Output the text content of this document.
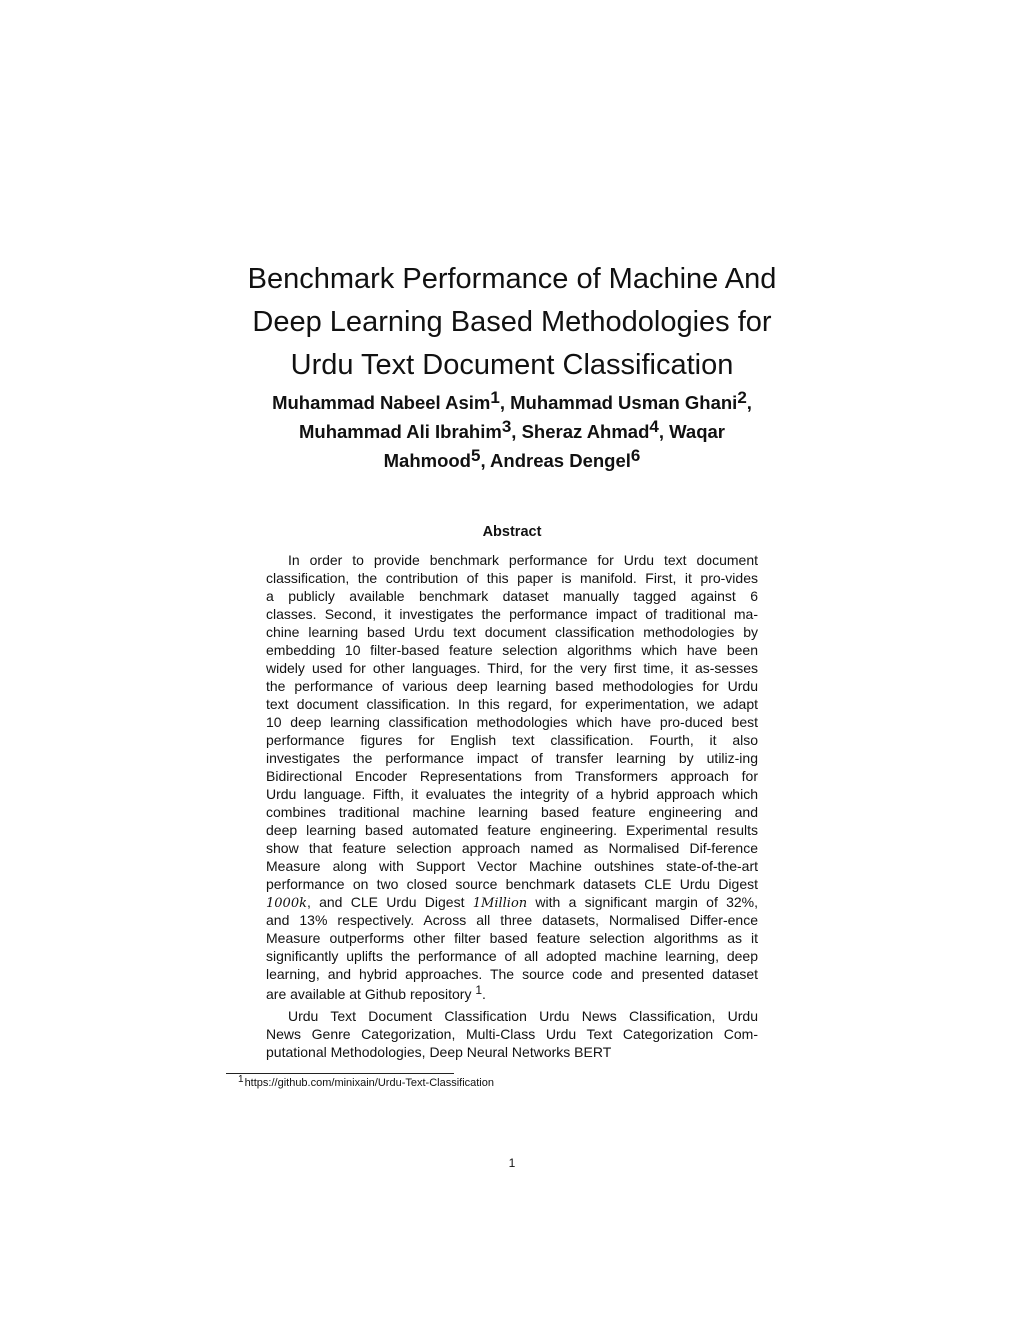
Benchmark Performance of Machine And
Deep Learning Based Methodologies for
Urdu Text Document Classification
Muhammad Nabeel Asim$^1$, Muhammad Usman Ghani$^2$,
Muhammad Ali Ibrahim$^3$, Sheraz Ahmad$^4$, Waqar
Mahmood$^5$, Andreas Dengel$^6$
Abstract
In order to provide benchmark performance for Urdu text document
classification, the contribution of this paper is manifold. First, it pro-vides
a publicly available benchmark dataset manually tagged against 6
classes. Second, it investigates the performance impact of traditional ma-
chine learning based Urdu text document classification methodologies by
embedding 10 filter-based feature selection algorithms which have been
widely used for other languages. Third, for the very first time, it as-sesses
the performance of various deep learning based methodologies for Urdu
text document classification. In this regard, for experimentation, we adapt
10 deep learning classification methodologies which have pro-duced best
performance figures for English text classification. Fourth, it also
investigates the performance impact of transfer learning by utiliz-ing
Bidirectional Encoder Representations from Transformers approach for
Urdu language. Fifth, it evaluates the integrity of a hybrid approach which
combines traditional machine learning based feature engineering and
deep learning based automated feature engineering. Experimental results
show that feature selection approach named as Normalised Dif-ference
Measure along with Support Vector Machine outshines state-of-the-art
performance on two closed source benchmark datasets CLE Urdu Digest
1000k, and CLE Urdu Digest 1Million with a significant margin of 32%,
and 13% respectively. Across all three datasets, Normalised Differ-ence
Measure outperforms other filter based feature selection algorithms as it
significantly uplifts the performance of all adopted machine learning, deep
learning, and hybrid approaches. The source code and presented dataset
are available at Github repository $^1$.
Urdu Text Document Classification Urdu News Classification, Urdu
News Genre Categorization, Multi-Class Urdu Text Categorization Com-
putational Methodologies, Deep Neural Networks BERT
$^1$https://github.com/minixain/Urdu-Text-Classification
1
